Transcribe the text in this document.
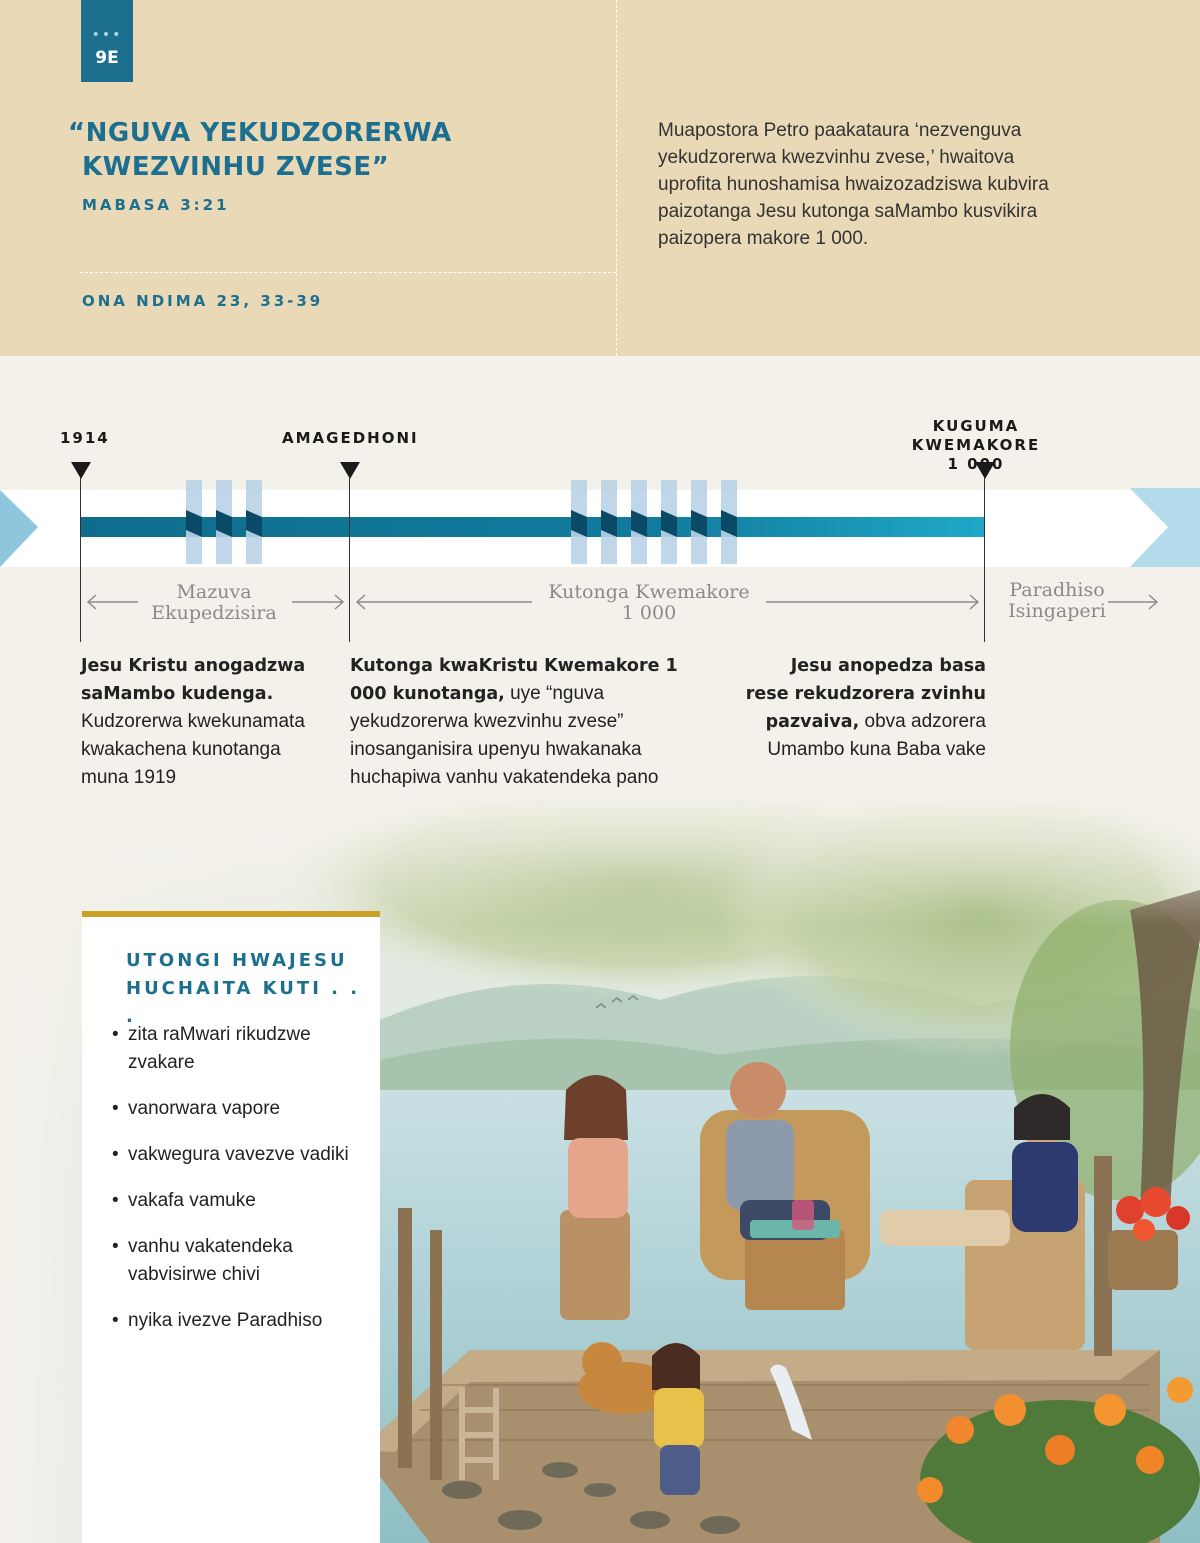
•••
9E
“NGUVA YEKUDZORERWA
KWEZVINHU ZVESE”
MABASA 3:21
ONA NDIMA 23, 33-39

Muapostora Petro paakataura ‘nezvenguva yekudzorerwa kwezvinhu zvese,’ hwaitova uprofita hunoshamisa hwaizozadziswa kubvira paizotanga Jesu kutonga saMambo kusvikira paizopera makore 1 000.

1914	AMAGEDHONI
KUGUMA KWEMAKORE
1 000
Mazuva
Ekupedzisira
Kutonga Kwemakore
1 000
Paradhiso
Isingaperi

Jesu Kristu anogadzwa saMambo kudenga. Kudzorerwa kwekunamata kwakachena kunotanga muna 1919

Kutonga kwaKristu Kwemakore 1 000 kunotanga, uye “nguva yekudzorerwa kwezvinhu zvese” inosanganisira upenyu hwakanaka huchapiwa vanhu vakatendeka pano

Jesu anopedza basa rese rekudzorera zvinhu pazvaiva, obva adzorera Umambo kuna Baba vake

UTONGI HWAJESU HUCHAITA KUTI . . .
• zita raMwari rikudzwe zvakare
• vanorwara vapore
• vakwegura vavezve vadiki
• vakafa vamuke
• vanhu vakatendeka vabvisirwe chivi
• nyika ivezve Paradhiso
